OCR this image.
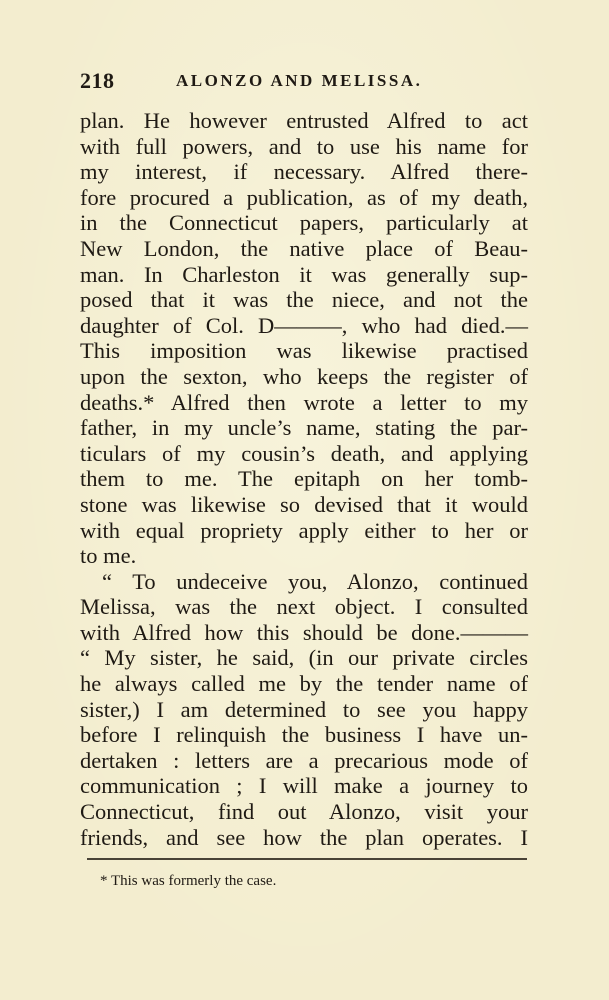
218	ALONZO AND MELISSA.
plan. He however entrusted Alfred to act
with full powers, and to use his name for
my interest, if necessary. Alfred there-
fore procured a publication, as of my death,
in the Connecticut papers, particularly at
New London, the native place of Beau-
man. In Charleston it was generally sup-
posed that it was the niece, and not the
daughter of Col. D———, who had died.—
This imposition was likewise practised
upon the sexton, who keeps the register of
deaths.* Alfred then wrote a letter to my
father, in my uncle’s name, stating the par-
ticulars of my cousin’s death, and applying
them to me. The epitaph on her tomb-
stone was likewise so devised that it would
with equal propriety apply either to her or
to me.
“ To undeceive you, Alonzo, continued
Melissa, was the next object. I consulted
with Alfred how this should be done.———
“ My sister, he said, (in our private circles
he always called me by the tender name of
sister,) I am determined to see you happy
before I relinquish the business I have un-
dertaken : letters are a precarious mode of
communication ; I will make a journey to
Connecticut, find out Alonzo, visit your
friends, and see how the plan operates. I
* This was formerly the case.
